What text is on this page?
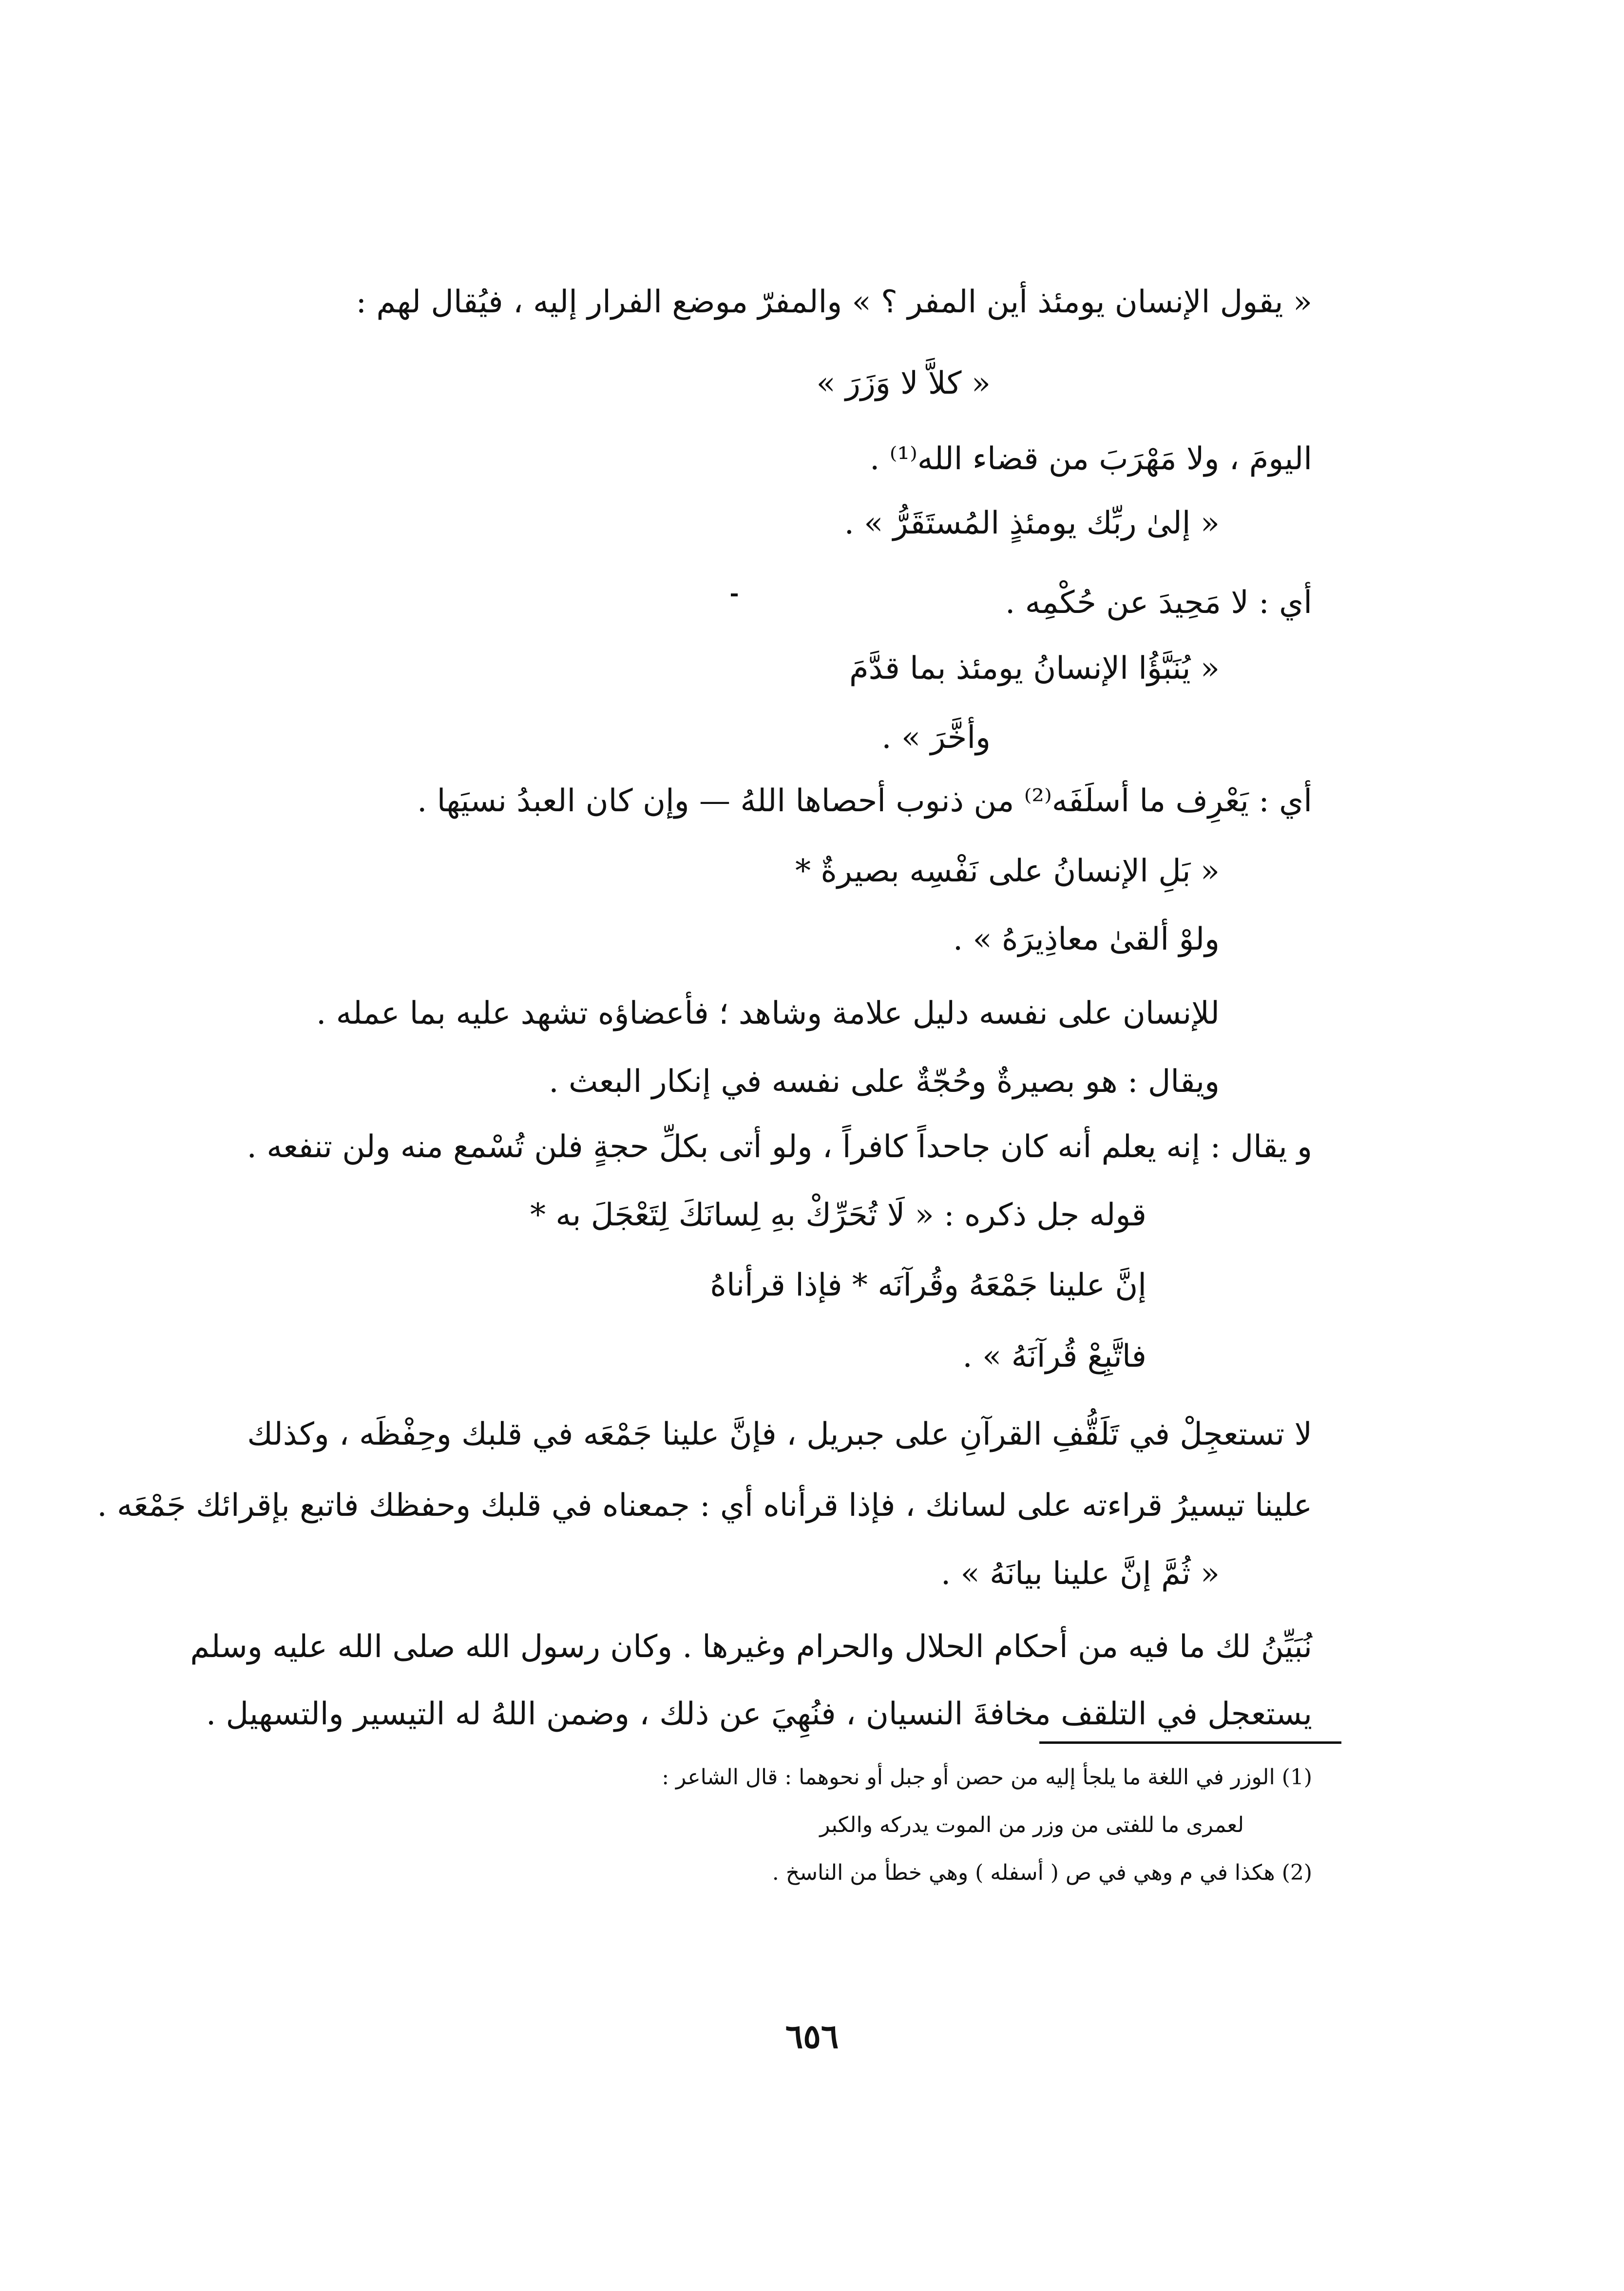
« يقول الإنسان يومئذ أين المفر ؟ » والمفرّ موضع الفرار إليه ، فيُقال لهم :
« كلاَّ لا وَزَرَ »
اليومَ ، ولا مَهْرَبَ من قضاء الله⁽¹⁾ .
« إلىٰ ربِّك يومئذٍ المُستَقَرُّ » .
أي : لا مَحِيدَ عن حُكْمِه .
« يُنَبَّؤُا الإنسانُ يومئذ بما قدَّمَ
وأخَّرَ » .
أي : يَعْرِف ما أسلَفَه⁽²⁾ من ذنوب أحصاها اللهُ — وإن كان العبدُ نسيَها .
« بَلِ الإنسانُ على نَفْسِه بصيرةٌ *
ولوْ ألقىٰ معاذِيرَهُ » .
للإنسان على نفسه دليل علامة وشاهد ؛ فأعضاؤه تشهد عليه بما عمله .
ويقال : هو بصيرةٌ وحُجّةٌ على نفسه في إنكار البعث .
و يقال : إنه يعلم أنه كان جاحداً كافراً ، ولو أتى بكلِّ حجةٍ فلن تُسْمع منه ولن تنفعه .
قوله جل ذكره : « لَا تُحَرِّكْ بهِ لِسانَكَ لِتَعْجَلَ به *
إنَّ علينا جَمْعَهُ وقُرآنَه * فإذا قرأناهُ
فاتَّبِعْ قُرآنَهُ » .
لا تستعجِلْ في تَلَقُّفِ القرآنِ على جبريل ، فإنَّ علينا جَمْعَه في قلبك وحِفْظَه ، وكذلك
علينا تيسيرُ قراءته على لسانك ، فإذا قرأناه أي : جمعناه في قلبك وحفظك فاتبع بإقرائك جَمْعَه .
« ثُمَّ إنَّ علينا بيانَهُ » .
نُبَيِّنُ لك ما فيه من أحكام الحلال والحرام وغيرها . وكان رسول الله صلى الله عليه وسلم
يستعجل في التلقف مخافةَ النسيان ، فنُهِيَ عن ذلك ، وضمن اللهُ له التيسير والتسهيل .
(1) الوزر في اللغة ما يلجأ إليه من حصن أو جبل أو نحوهما : قال الشاعر :
لعمرى ما للفتى من وزر من الموت يدركه والكبر
(2) هكذا في م وهي في ص ( أسفله ) وهي خطأ من الناسخ .
٦٥٦
